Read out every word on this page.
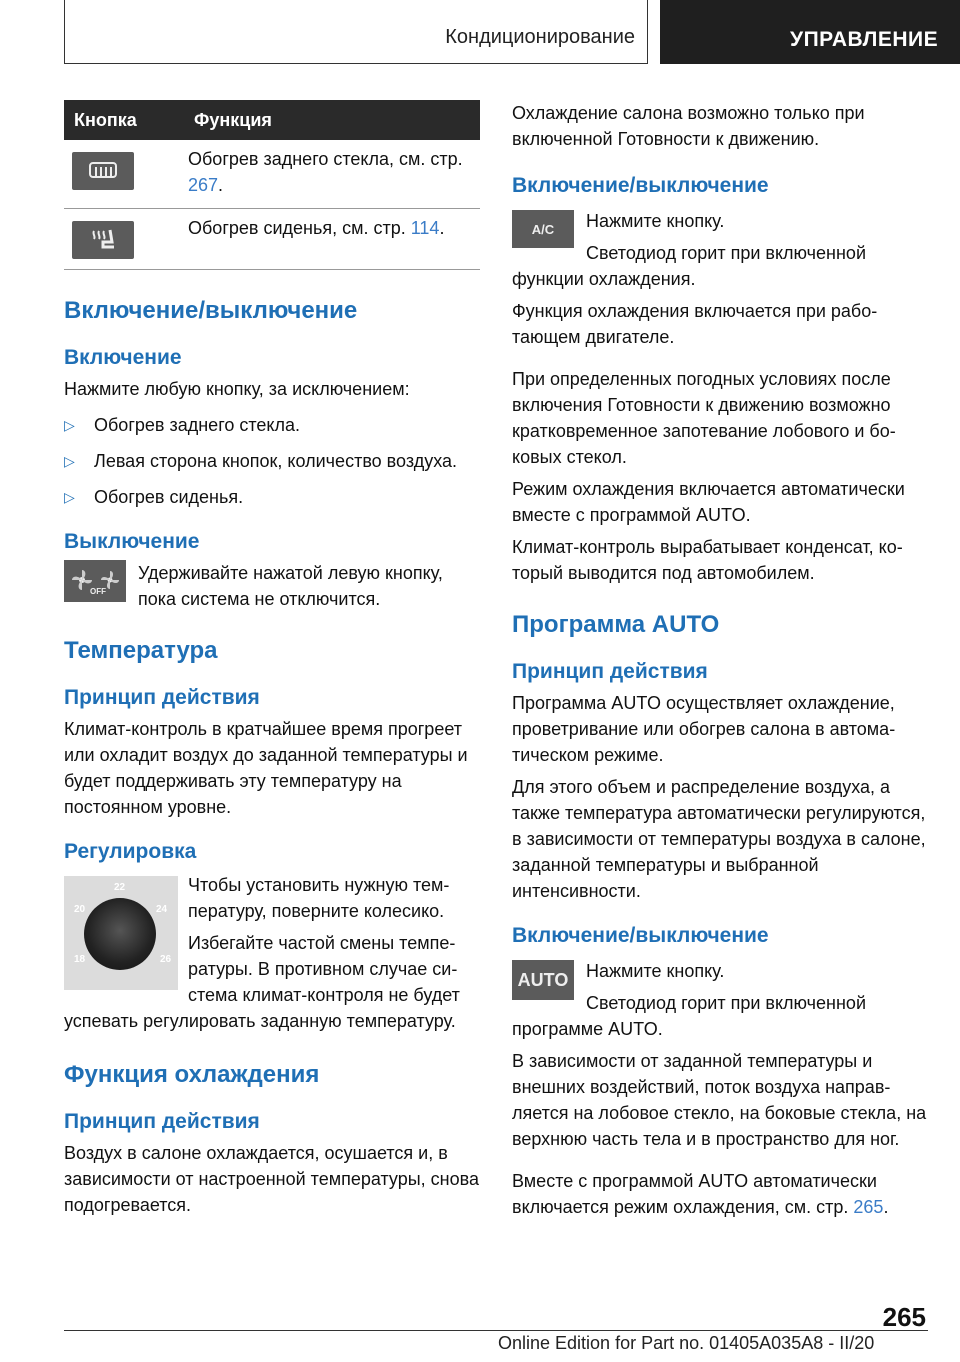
Кондиционирование	УПРАВЛЕНИЕ
Кнопка	Функция

	Обогрев заднего стекла, см. стр. 267.

	Обогрев сиденья, см. стр. 114.
Включение/выключение
Включение

Нажмите любую кнопку, за исключением:

▷ Обогрев заднего стекла.
▷ Левая сторона кнопок, количество воздуха.
▷ Обогрев сиденья.
Выключение
OFF

Удерживайте нажатой левую кнопку, пока система не отключится.

Температура
Принцип действия

Климат-контроль в кратчайшее время прогреет или охладит воздух до заданной температуры и будет поддерживать эту температуру на постоянном уровне.

Регулировка
18
20
22
24
26

Чтобы установить нужную температуру, поверните колесико.

Избегайте частой смены температуры. В противном случае система климат-контроля не будет успевать регулировать заданную температуру.

Функция охлаждения
Принцип действия

Воздух в салоне охлаждается, осушается и, в зависимости от настроенной температуры, снова подогревается.

Охлаждение салона возможно только при включенной Готовности к движению.

Включение/выключение
A/C	Нажмите кнопку.

Светодиод горит при включенной функции охлаждения.

Функция охлаждения включается при работающем двигателе.

При определенных погодных условиях после включения Готовности к движению возможно кратковременное запотевание лобового и боковых стекол.

Режим охлаждения включается автоматически вместе с программой AUTO.

Климат-контроль вырабатывает конденсат, который выводится под автомобилем.

Программа AUTO
Принцип действия

Программа AUTO осуществляет охлаждение, проветривание или обогрев салона в автоматическом режиме.

Для этого объем и распределение воздуха, а также температура автоматически регулируются, в зависимости от температуры воздуха в салоне, заданной температуры и выбранной интенсивности.

Включение/выключение
AUTO Нажмите кнопку.

Светодиод горит при включенной программе AUTO.

В зависимости от заданной температуры и внешних воздействий, поток воздуха направляется на лобовое стекло, на боковые стекла, на верхнюю часть тела и в пространство для ног.

Вместе с программой AUTO автоматически включается режим охлаждения, см. стр. 265.

265
Online Edition for Part no. 01405A035A8 - II/20
